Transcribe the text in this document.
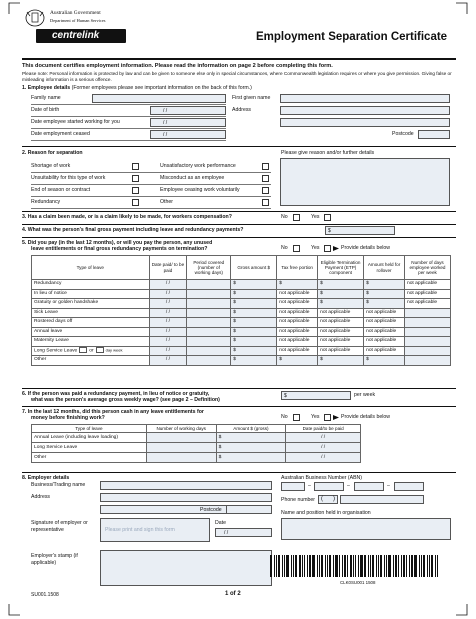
Australian Government
Department of Human Services
centrelink	Employment Separation Certificate
This document certifies employment information. Please read the information on page 2 before completing this form.
Please note: Personal information is protected by law and can be given to someone else only in special circumstances, where Commonwealth legislation requires or where you give permission. Giving false or misleading information is a serious offence.
1. Employee details (Former employees please see important information on the back of this form.)
Family name	First given name
Date of birth	/ /	Address
Date employee started working for you	/ /
Date employment ceased	/ /	Postcode
2. Reason for separation	Please give reason and/or further details
Shortage of work
Unsuitability for this type of work
End of season or contract
Redundancy
Unsatisfactory work performance
Misconduct as an employee
Employee ceasing work voluntarily
Other
3. Has a claim been made, or is a claim likely to be made, for workers compensation?	No	Yes
4. What was the person's final gross payment including leave and redundancy payments?	$
5. Did you pay (in the last 12 months), or will you pay the person, any unused
leave entitlements or final gross redundancy payments on termination?	No	Yes	Provide details below
Type of leave	Date paid/ to be paid	Period covered (number of working days)	Gross amount $	Tax free portion	Eligible Termination Payment (ETP) component	Amount held for rollover	Number of days employee worked per week
Redundancy	/ /		$	$	$	$	not applicable
In lieu of notice	/ /		$	not applicable	$	$	not applicable
Gratuity or golden handshake	/ /		$	not applicable	$	$	not applicable
Sick Leave	/ /		$	not applicable	not applicable	not applicable	
Rostered days off	/ /		$	not applicable	not applicable	not applicable	
Annual leave	/ /		$	not applicable	not applicable	not applicable	
Maternity Leave	/ /		$	not applicable	not applicable	not applicable	
Long Service Leave or day week	/ /		$	not applicable	not applicable	not applicable	
Other	/ /		$	$	$	$	
6. If the person was paid a redundancy payment, in lieu of notice or gratuity,
what was the person's average gross weekly wage? (see page 2 – Definition)
$	per week
7. In the last 12 months, did this person cash in any leave entitlements for
money before finishing work?	No	Yes	Provide details below
Type of leave	Number of working days	Amount $ (gross)	Date paid/to be paid
Annual Leave (including leave loading)		$	/ /
Long Service Leave		$	/ /
Other		$	/ /
8. Employer details
Business/Trading name
Australian Business Number (ABN)
–	–	–
Address
Postcode
Phone number ( )
Name and position held in organisation
Signature of employer or representative	Please print and sign this form
Date
/ /
Employer's stamp (if applicable)
CLK0SU001 1508
SU001.1508	1 of 2
